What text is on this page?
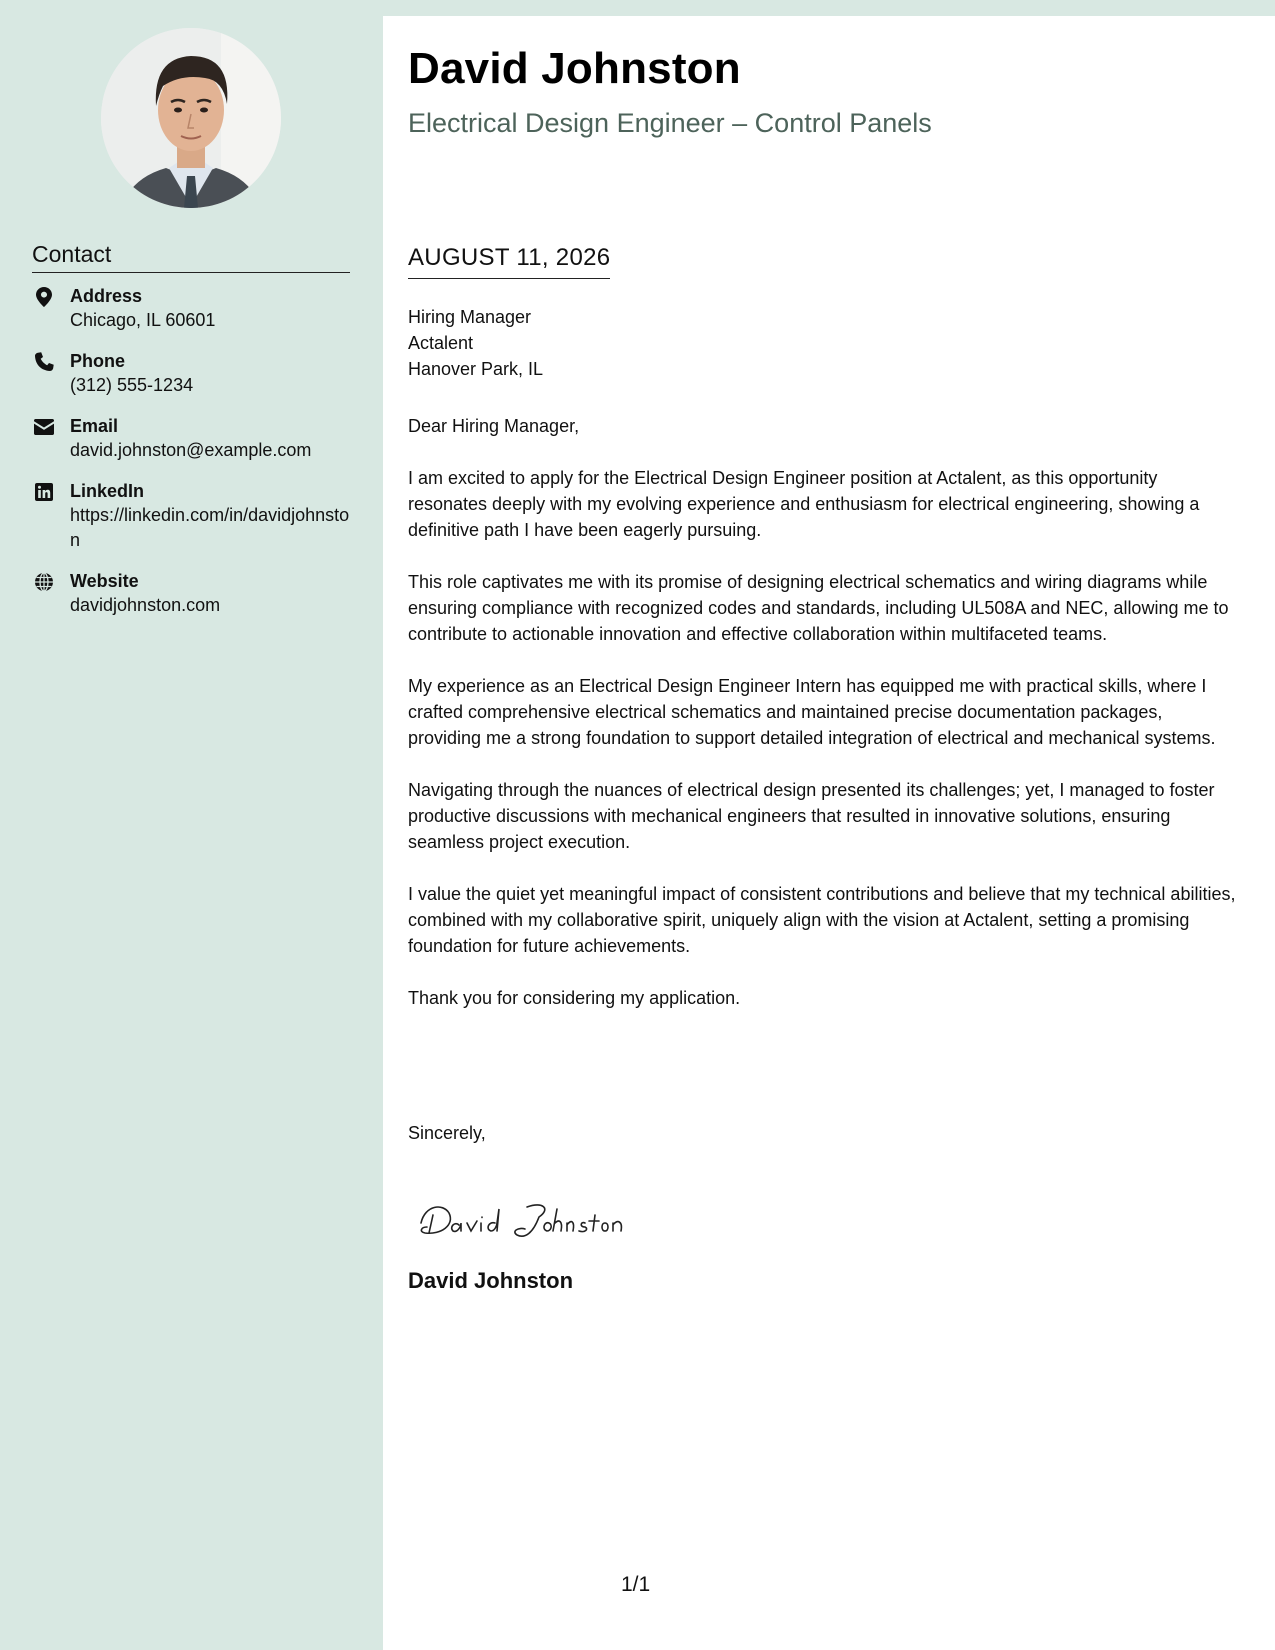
Contact
Address
Chicago, IL 60601
Phone
(312) 555-1234
Email
david.johnston@example.com
LinkedIn
https://linkedin.com/in/davidjohnston
Website
davidjohnston.com
David Johnston
Electrical Design Engineer – Control Panels
AUGUST 11, 2026
Hiring Manager
Actalent
Hanover Park, IL

Dear Hiring Manager,

I am excited to apply for the Electrical Design Engineer position at Actalent, as this opportunity resonates deeply with my evolving experience and enthusiasm for electrical engineering, showing a definitive path I have been eagerly pursuing.

This role captivates me with its promise of designing electrical schematics and wiring diagrams while ensuring compliance with recognized codes and standards, including UL508A and NEC, allowing me to contribute to actionable innovation and effective collaboration within multifaceted teams.

My experience as an Electrical Design Engineer Intern has equipped me with practical skills, where I crafted comprehensive electrical schematics and maintained precise documentation packages, providing me a strong foundation to support detailed integration of electrical and mechanical systems.

Navigating through the nuances of electrical design presented its challenges; yet, I managed to foster productive discussions with mechanical engineers that resulted in innovative solutions, ensuring seamless project execution.

I value the quiet yet meaningful impact of consistent contributions and believe that my technical abilities, combined with my collaborative spirit, uniquely align with the vision at Actalent, setting a promising foundation for future achievements.

Thank you for considering my application.

Sincerely,
David Johnston
1/1
